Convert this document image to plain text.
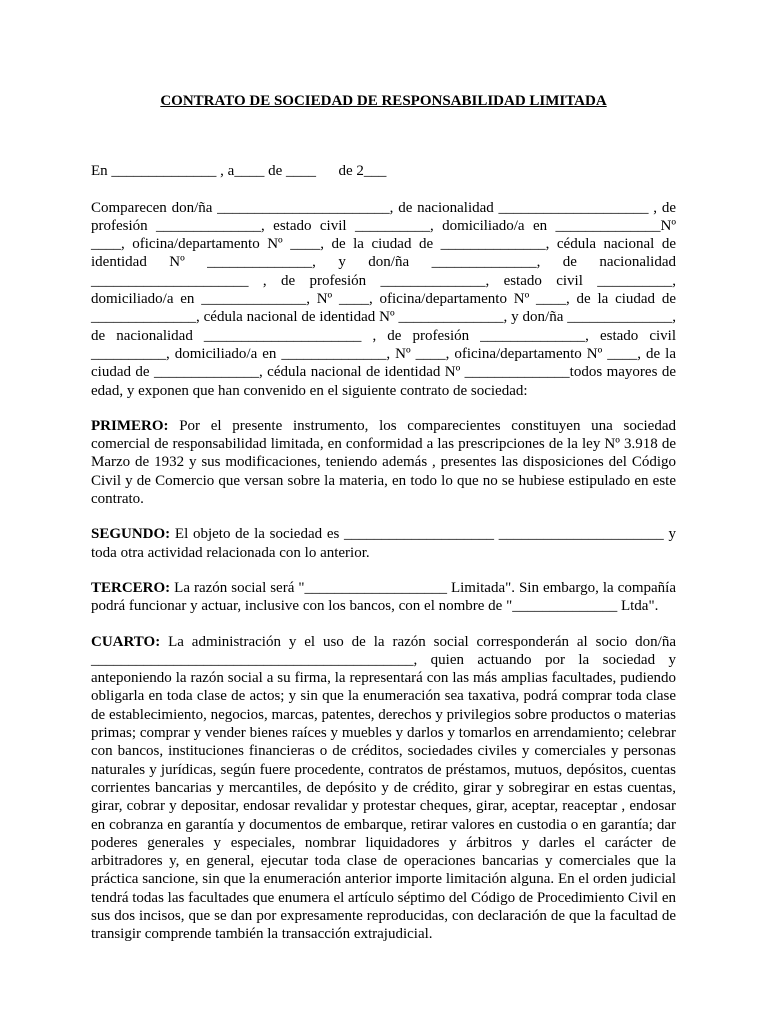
CONTRATO DE SOCIEDAD DE RESPONSABILIDAD LIMITADA

En ______________ , a____ de ____      de 2___

Comparecen don/ña _______________________, de nacionalidad ____________________ , de profesión ______________, estado civil __________, domiciliado/a en ______________Nº ____, oficina/departamento Nº ____, de la ciudad de ______________, cédula nacional de identidad Nº ______________, y don/ña ______________, de nacionalidad _____________________ , de profesión ______________, estado civil __________, domiciliado/a en ______________, Nº ____, oficina/departamento Nº ____, de la ciudad de ______________, cédula nacional de identidad Nº ______________, y don/ña ______________, de nacionalidad _____________________ , de profesión ______________, estado civil __________, domiciliado/a en ______________, Nº ____, oficina/departamento Nº ____, de la ciudad de ______________, cédula nacional de identidad Nº ______________todos mayores de edad, y exponen que han convenido en el siguiente contrato de sociedad:

PRIMERO: Por el presente instrumento, los comparecientes constituyen una sociedad comercial de responsabilidad limitada, en conformidad a las prescripciones de la ley Nº 3.918 de Marzo de 1932 y sus modificaciones, teniendo además , presentes las disposiciones del Código Civil y de Comercio que versan sobre la materia, en todo lo que no se hubiese estipulado en este contrato.

SEGUNDO: El objeto de la sociedad es ____________________ ______________________ y toda otra actividad relacionada con lo anterior.

TERCERO: La razón social será "___________________ Limitada". Sin embargo, la compañía podrá funcionar y actuar, inclusive con los bancos, con el nombre de "______________ Ltda".

CUARTO: La administración y el uso de la razón social corresponderán al socio don/ña ___________________________________________, quien actuando por la sociedad y anteponiendo la razón social a su firma, la representará con las más amplias facultades, pudiendo obligarla en toda clase de actos; y sin que la enumeración sea taxativa, podrá comprar toda clase de establecimiento, negocios, marcas, patentes, derechos y privilegios sobre productos o materias primas; comprar y vender bienes raíces y muebles y darlos y tomarlos en arrendamiento; celebrar con bancos, instituciones financieras o de créditos, sociedades civiles y comerciales y personas naturales y jurídicas, según fuere procedente, contratos de préstamos, mutuos, depósitos, cuentas corrientes bancarias y mercantiles, de depósito y de crédito, girar y sobregirar en estas cuentas, girar, cobrar y depositar, endosar revalidar y protestar cheques, girar, aceptar, reaceptar , endosar en cobranza en garantía y documentos de embarque, retirar valores en custodia o en garantía; dar poderes generales y especiales, nombrar liquidadores y árbitros y darles el carácter de arbitradores y, en general, ejecutar toda clase de operaciones bancarias y comerciales que la práctica sancione, sin que la enumeración anterior importe limitación alguna. En el orden judicial tendrá todas las facultades que enumera el artículo séptimo del Código de Procedimiento Civil en sus dos incisos, que se dan por expresamente reproducidas, con declaración de que la facultad de transigir comprende también la transacción extrajudicial.
